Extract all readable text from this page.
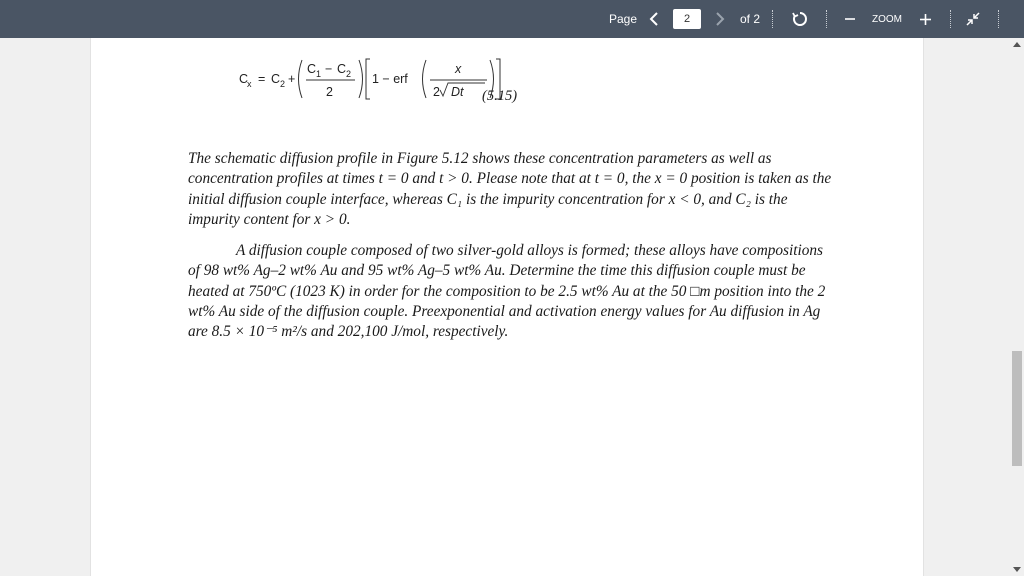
Page	2	of 2	ZOOM
C
x = C 2 +
C 1 − C 2
2
1 − erf
x
2 Dt (5.15)
The schematic diffusion profile in Figure 5.12 shows these concentration parameters as well as concentration profiles at times t = 0 and t > 0. Please note that at t = 0, the x = 0 position is taken as the initial diffusion couple interface, whereas C₁ is the impurity concentration for x < 0, and C₂ is the impurity content for x > 0.
A diffusion couple composed of two silver-gold alloys is formed; these alloys have compositions of 98 wt% Ag–2 wt% Au and 95 wt% Ag–5 wt% Au. Determine the time this diffusion couple must be heated at 750ºC (1023 K) in order for the composition to be 2.5 wt% Au at the 50 □m position into the 2 wt% Au side of the diffusion couple. Preexponential and activation energy values for Au diffusion in Ag are 8.5 × 10⁻⁵ m²/s and 202,100 J/mol, respectively.
